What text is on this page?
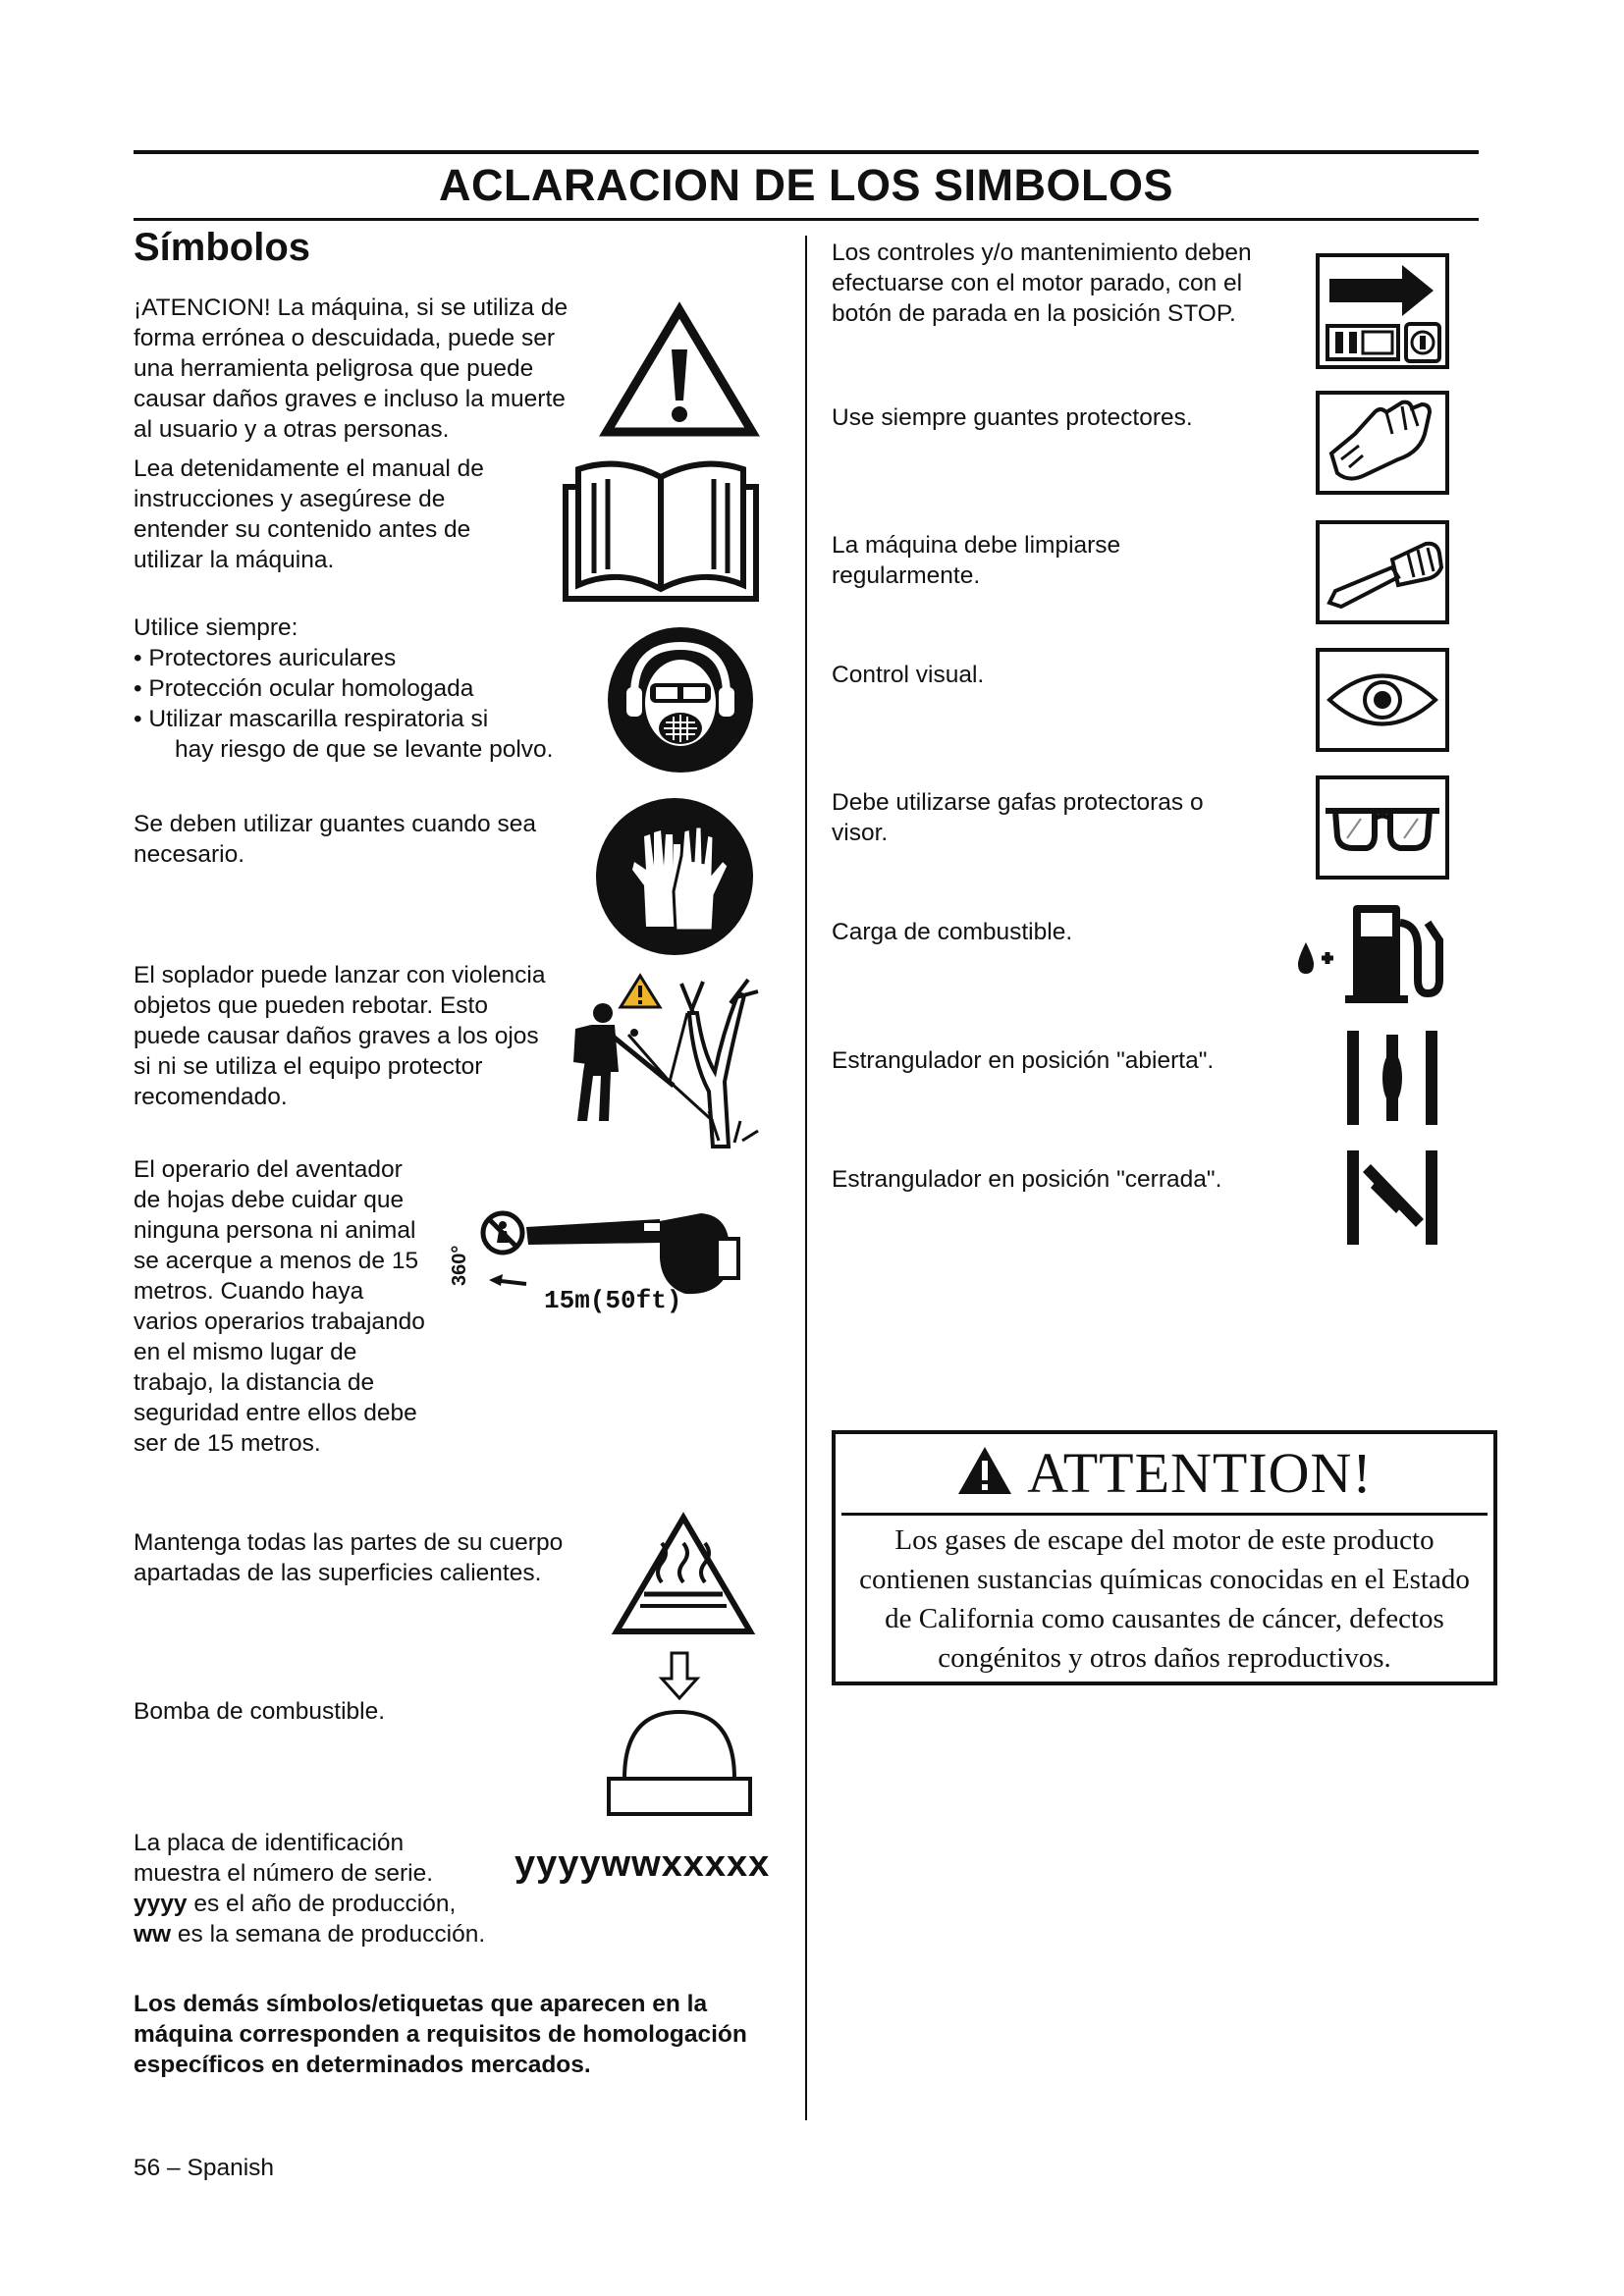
ACLARACION DE LOS SIMBOLOS
Símbolos
¡ATENCION! La máquina, si se utiliza de forma errónea o descuidada, puede ser una herramienta peligrosa que puede causar daños graves e incluso la muerte al usuario y a otras personas.
Lea detenidamente el manual de instrucciones y asegúrese de entender su contenido antes de utilizar la máquina.
Utilice siempre:
• Protectores auriculares
• Protección ocular homologada
• Utilizar mascarilla respiratoria si
hay riesgo de que se levante polvo.
Se deben utilizar guantes cuando sea necesario.
El soplador puede lanzar con violencia objetos que pueden rebotar. Esto puede causar daños graves a los ojos si ni se utiliza el equipo protector recomendado.
El operario del aventador de hojas debe cuidar que ninguna persona ni animal se acerque a menos de 15 metros. Cuando haya varios operarios trabajando en el mismo lugar de trabajo, la distancia de seguridad entre ellos debe ser de 15 metros.
Mantenga todas las partes de su cuerpo apartadas de las superficies calientes.
Bomba de combustible.
La placa de identificación muestra el número de serie.
yyyy es el año de producción,
ww es la semana de producción.
yyyywwxxxxx
Los demás símbolos/etiquetas que aparecen en la máquina corresponden a requisitos de homologación específicos en determinados mercados.
56 – Spanish
360°
15m(50ft)
Los controles y/o mantenimiento deben efectuarse con el motor parado, con el botón de parada en la posición STOP.
Use siempre guantes protectores.
La máquina debe limpiarse regularmente.
Control visual.
Debe utilizarse gafas protectoras o visor.
Carga de combustible.
Estrangulador en posición "abierta".
Estrangulador en posición "cerrada".
ATTENTION!
Los gases de escape del motor de este producto contienen sustancias químicas conocidas en el Estado de California como causantes de cáncer, defectos congénitos y otros daños reproductivos.
